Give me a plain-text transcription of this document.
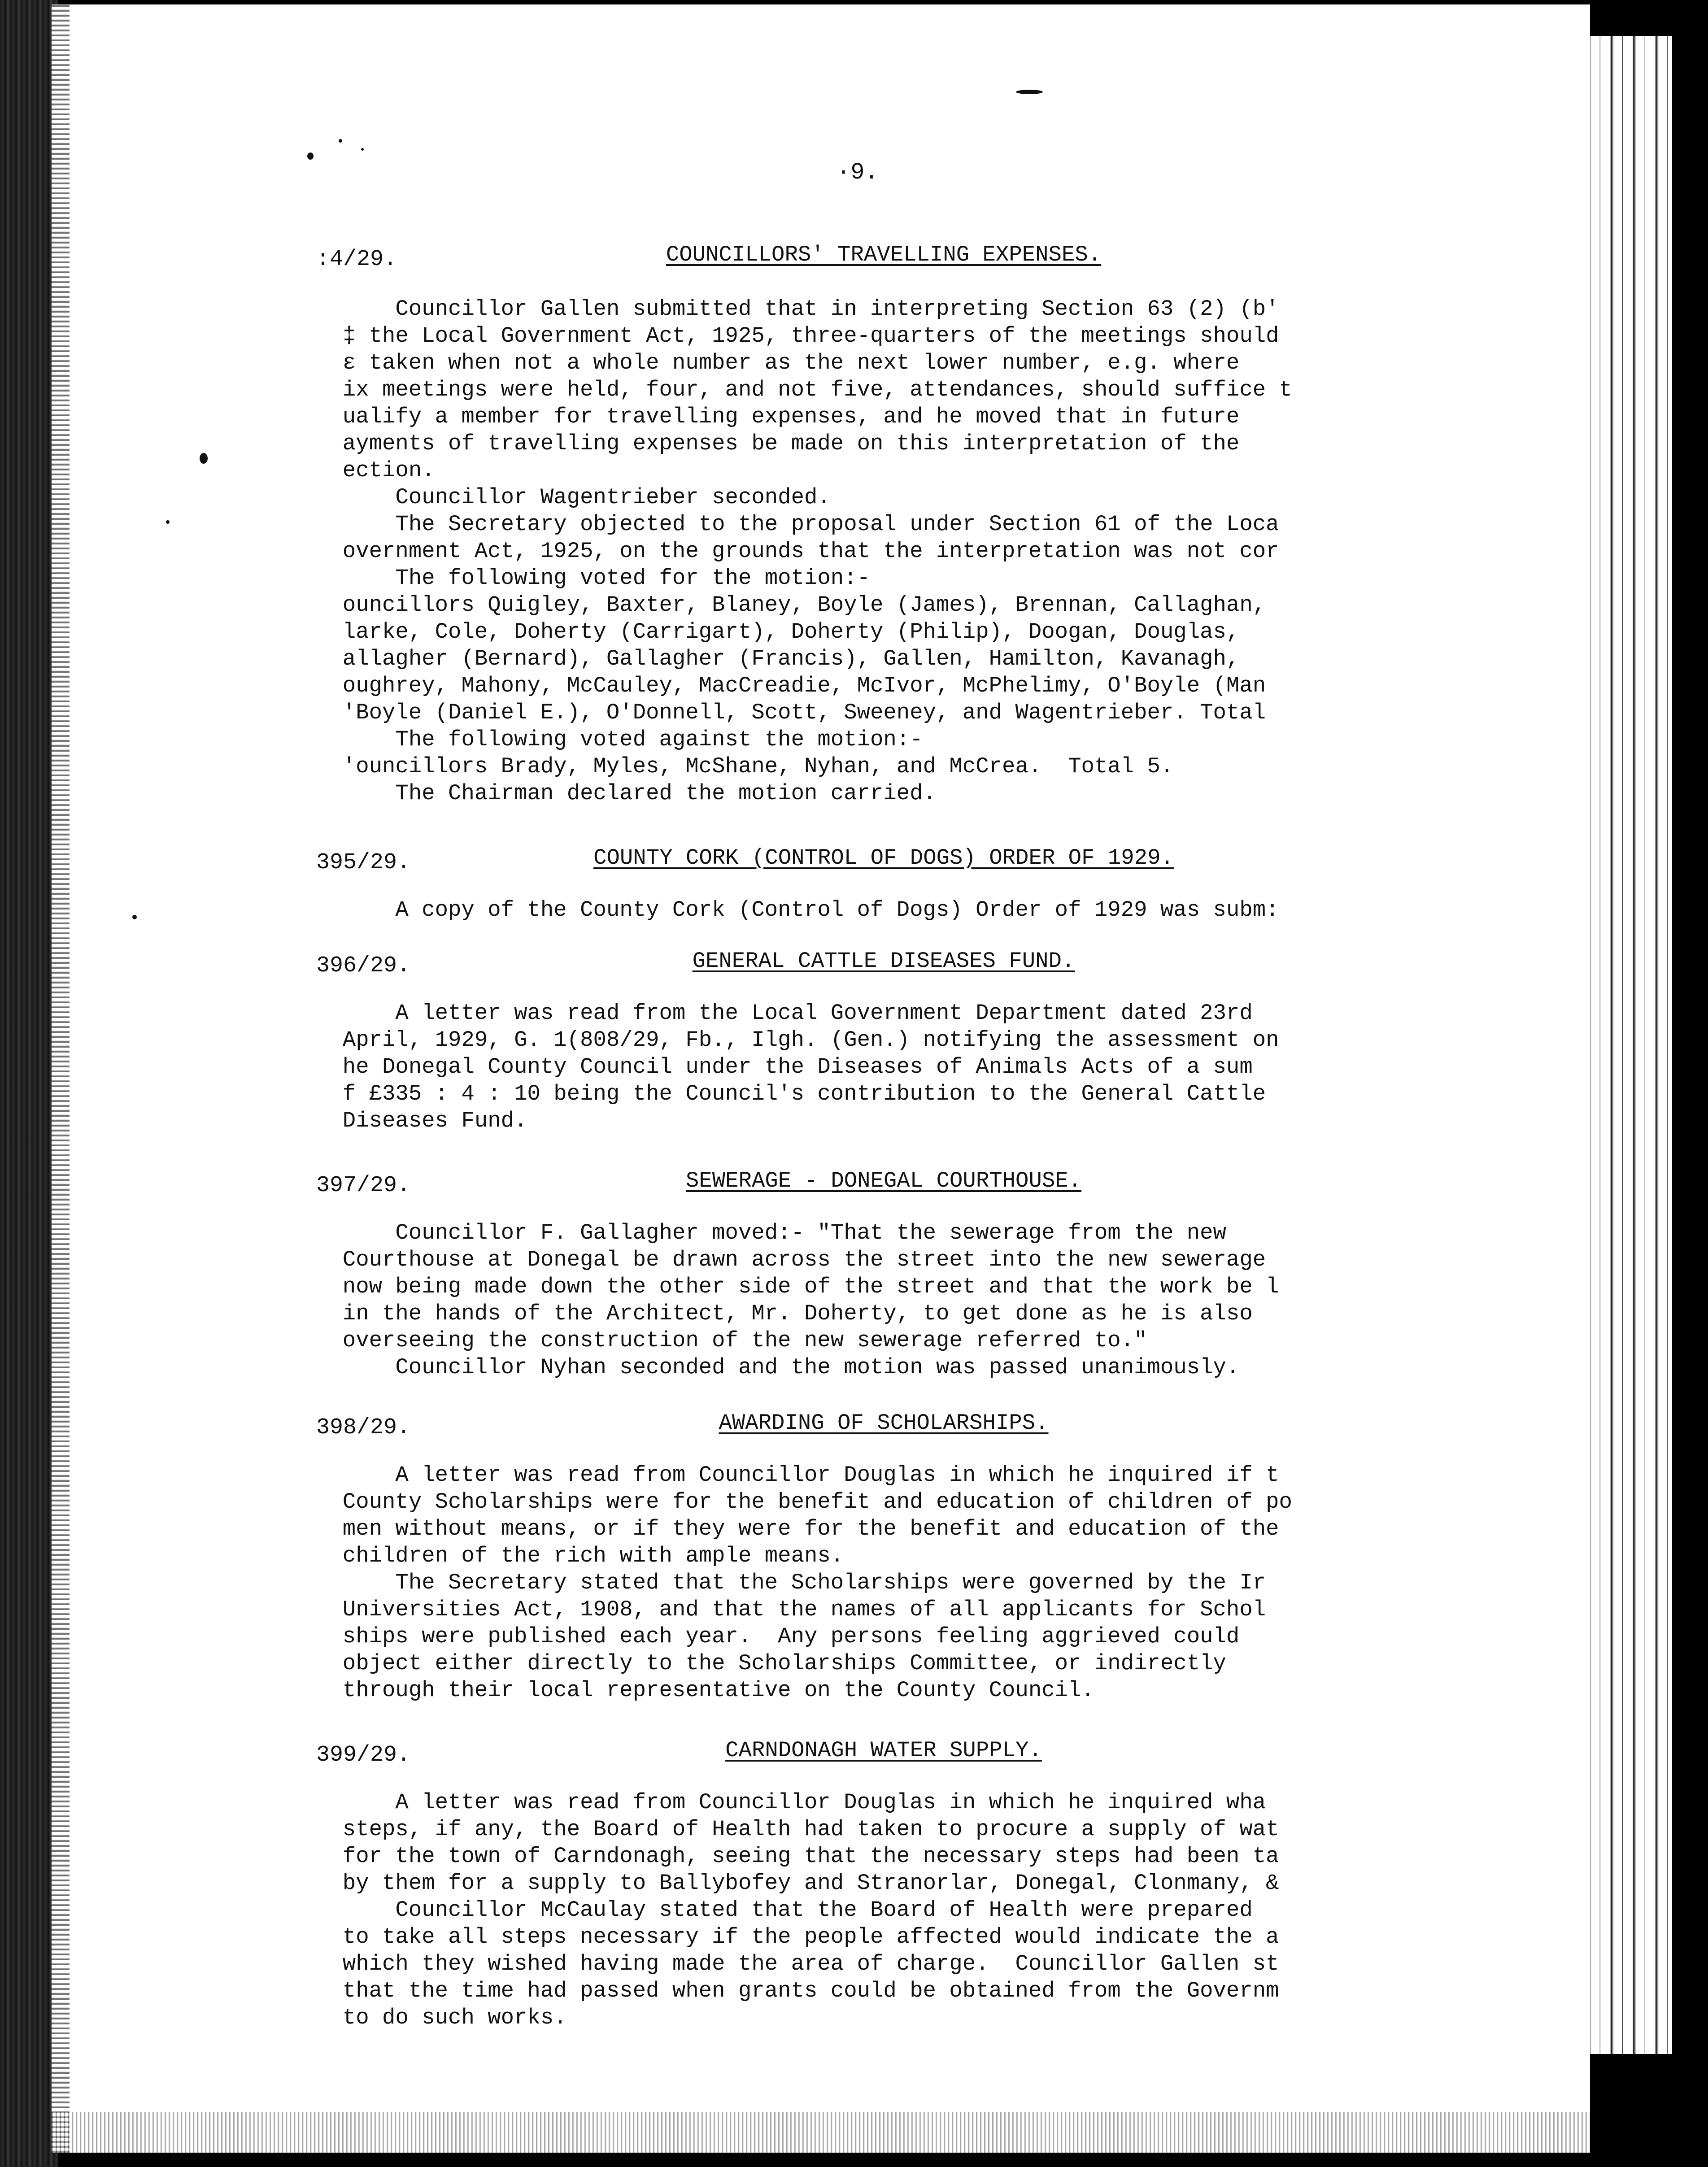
·9.
:4/29.	COUNCILLORS' TRAVELLING EXPENSES.
Councillor Gallen submitted that in interpreting Section 63 (2) (b'
‡ the Local Government Act, 1925, three-quarters of the meetings should
ε taken when not a whole number as the next lower number, e.g. where
ix meetings were held, four, and not five, attendances, should suffice t
ualify a member for travelling expenses, and he moved that in future
ayments of travelling expenses be made on this interpretation of the
ection.
Councillor Wagentrieber seconded.
The Secretary objected to the proposal under Section 61 of the Loca
overnment Act, 1925, on the grounds that the interpretation was not cor
The following voted for the motion:-
ouncillors Quigley, Baxter, Blaney, Boyle (James), Brennan, Callaghan,
larke, Cole, Doherty (Carrigart), Doherty (Philip), Doogan, Douglas,
allagher (Bernard), Gallagher (Francis), Gallen, Hamilton, Kavanagh,
oughrey, Mahony, McCauley, MacCreadie, McIvor, McPhelimy, O'Boyle (Man
'Boyle (Daniel E.), O'Donnell, Scott, Sweeney, and Wagentrieber. Total
The following voted against the motion:-
'ouncillors Brady, Myles, McShane, Nyhan, and McCrea.  Total 5.
The Chairman declared the motion carried.
395/29.	COUNTY CORK (CONTROL OF DOGS) ORDER OF 1929.
A copy of the County Cork (Control of Dogs) Order of 1929 was subm:
396/29.	GENERAL CATTLE DISEASES FUND.
A letter was read from the Local Government Department dated 23rd
April, 1929, G. 1(808/29, Fb., Ilgh. (Gen.) notifying the assessment on
he Donegal County Council under the Diseases of Animals Acts of a sum
f £335 : 4 : 10 being the Council's contribution to the General Cattle
Diseases Fund.
397/29.	SEWERAGE - DONEGAL COURTHOUSE.
Councillor F. Gallagher moved:- "That the sewerage from the new
Courthouse at Donegal be drawn across the street into the new sewerage
now being made down the other side of the street and that the work be l
in the hands of the Architect, Mr. Doherty, to get done as he is also
overseeing the construction of the new sewerage referred to."
Councillor Nyhan seconded and the motion was passed unanimously.
398/29.	AWARDING OF SCHOLARSHIPS.
A letter was read from Councillor Douglas in which he inquired if t
County Scholarships were for the benefit and education of children of po
men without means, or if they were for the benefit and education of the
children of the rich with ample means.
The Secretary stated that the Scholarships were governed by the Ir
Universities Act, 1908, and that the names of all applicants for Schol
ships were published each year.  Any persons feeling aggrieved could
object either directly to the Scholarships Committee, or indirectly
through their local representative on the County Council.
399/29.	CARNDONAGH WATER SUPPLY.
A letter was read from Councillor Douglas in which he inquired wha
steps, if any, the Board of Health had taken to procure a supply of wat
for the town of Carndonagh, seeing that the necessary steps had been ta
by them for a supply to Ballybofey and Stranorlar, Donegal, Clonmany, &
Councillor McCaulay stated that the Board of Health were prepared
to take all steps necessary if the people affected would indicate the a
which they wished having made the area of charge.  Councillor Gallen st
that the time had passed when grants could be obtained from the Governm
to do such works.
